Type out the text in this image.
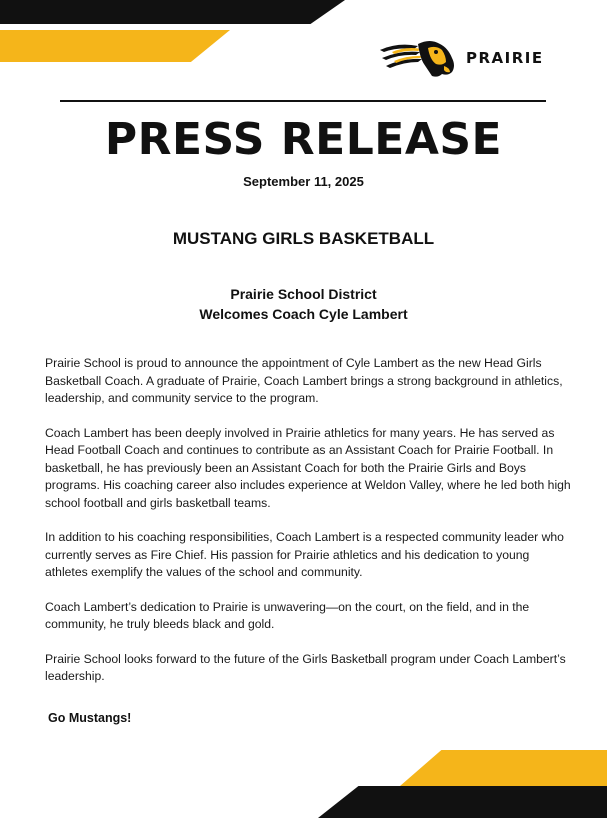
PRAIRIE
PRESS RELEASE
September 11, 2025
MUSTANG GIRLS BASKETBALL
Prairie School District
Welcomes Coach Cyle Lambert

Prairie School is proud to announce the appointment of Cyle Lambert as the new Head Girls Basketball Coach. A graduate of Prairie, Coach Lambert brings a strong background in athletics, leadership, and community service to the program.

Coach Lambert has been deeply involved in Prairie athletics for many years. He has served as Head Football Coach and continues to contribute as an Assistant Coach for Prairie Football. In basketball, he has previously been an Assistant Coach for both the Prairie Girls and Boys programs. His coaching career also includes experience at Weldon Valley, where he led both high school football and girls basketball teams.

In addition to his coaching responsibilities, Coach Lambert is a respected community leader who currently serves as Fire Chief. His passion for Prairie athletics and his dedication to young athletes exemplify the values of the school and community.

Coach Lambert’s dedication to Prairie is unwavering—on the court, on the field, and in the community, he truly bleeds black and gold.

Prairie School looks forward to the future of the Girls Basketball program under Coach Lambert’s leadership.

Go Mustangs!
